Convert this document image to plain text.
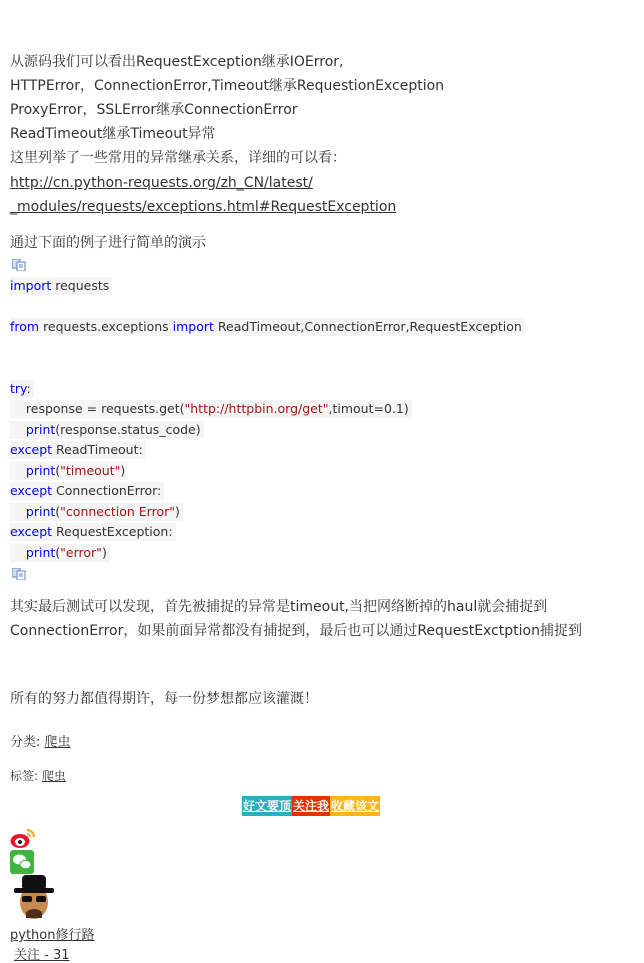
从源码我们可以看出RequestException继承IOError,
HTTPError，ConnectionError,Timeout继承RequestionException
ProxyError，SSLError继承ConnectionError
ReadTimeout继承Timeout异常
这里列举了一些常用的异常继承关系，详细的可以看：
http://cn.python-requests.org/zh_CN/latest/
_modules/requests/exceptions.html#RequestException
通过下面的例子进行简单的演示
import requests
from requests.exceptions import ReadTimeout,ConnectionError,RequestException
try:
response = requests.get("http://httpbin.org/get",timout=0.1)
print(response.status_code)
except ReadTimeout:
print("timeout")
except ConnectionError:
print("connection Error")
except RequestException:
print("error")
其实最后测试可以发现，首先被捕捉的异常是timeout,当把网络断掉的haul就会捕捉到
ConnectionError，如果前面异常都没有捕捉到，最后也可以通过RequestExctption捕捉到
所有的努力都值得期许，每一份梦想都应该灌溉！
分类: 爬虫
标签: 爬虫
好文要顶 关注我 收藏该文
python修行路
关注 - 31
